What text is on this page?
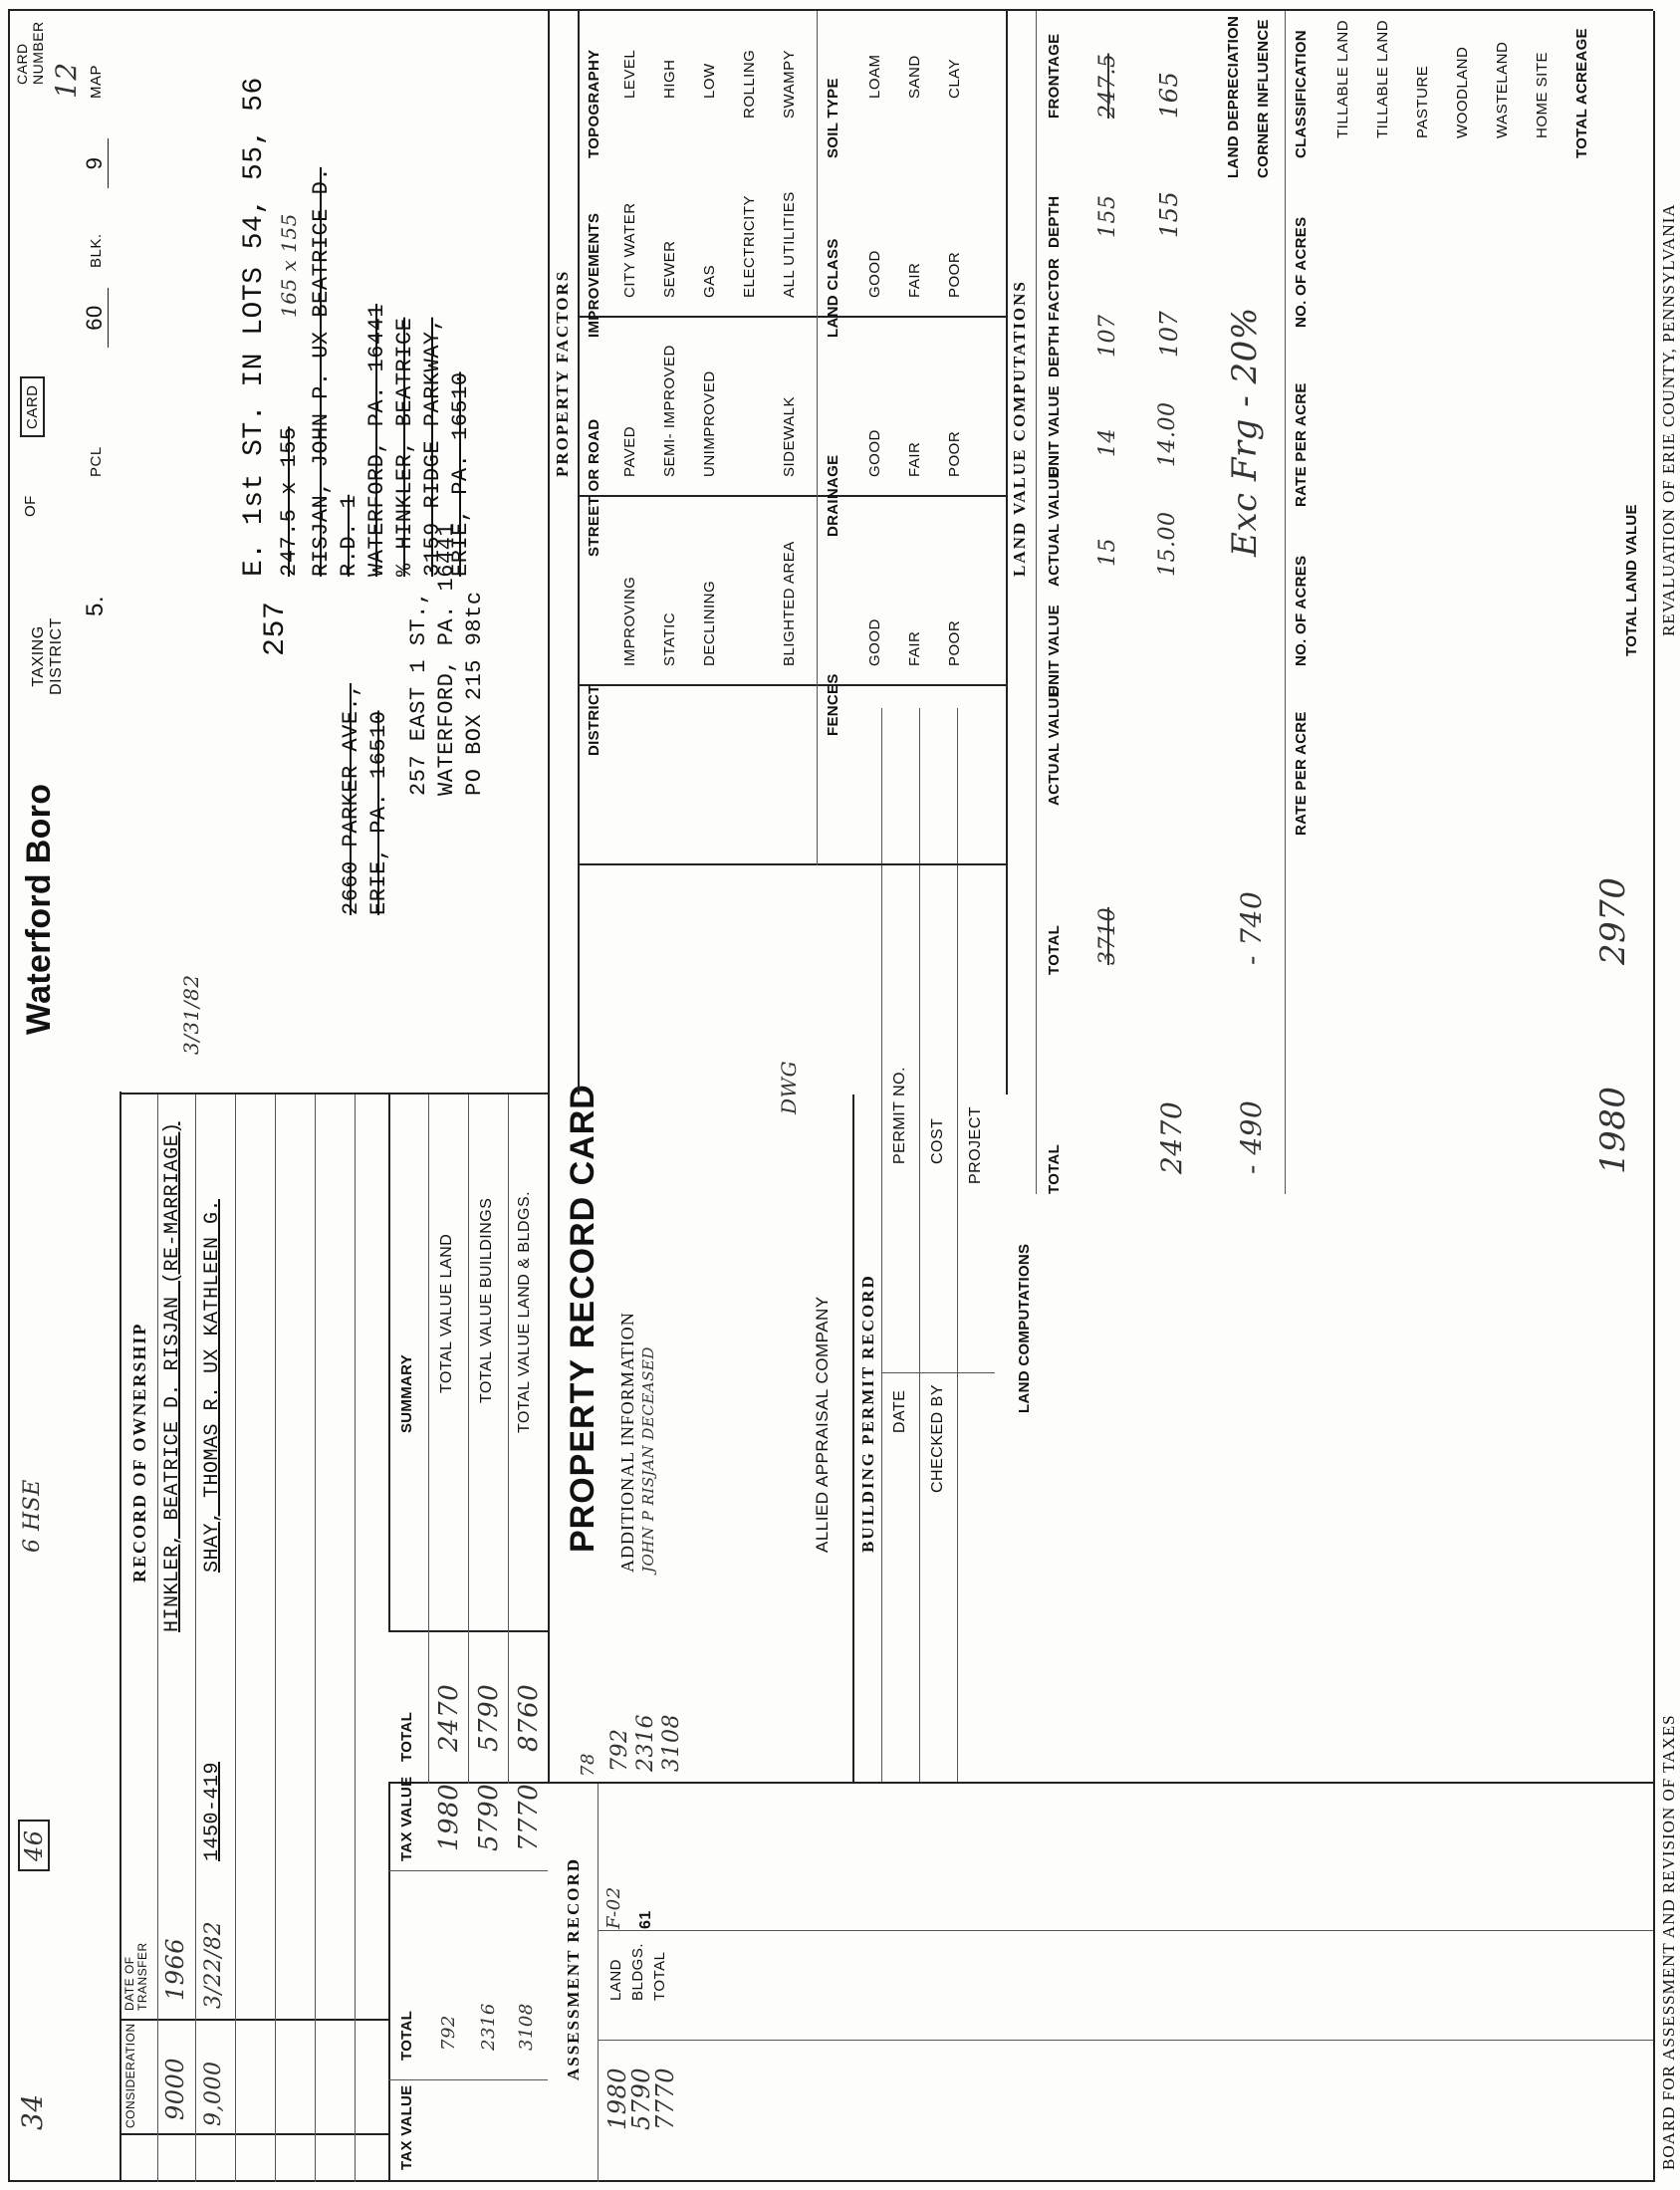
CARD NUMBER 12 MAP
9
BLK.
60
PCL
5.
CARD
OF
TAXING DISTRICT
Waterford Boro
6 HSE
46
34
257
E. 1st ST. IN LOTS 54, 55, 56 247.5 x 155
165 x 155 RISJAN, JOHN P. UX BEATRICE D. R.D. 1 WATERFORD, PA. 16441 % HINKLER, BEATRICE 3159 RIDGE PARKWAY, ERIE, PA. 16510
2660 PARKER AVE., ERIE, PA. 16510
257 EAST 1 ST., WATERFORD, PA. 16441 PO BOX 215 98tc
3/31/82
RECORD OF OWNERSHIP
DATE OF TRANSFER
CONSIDERATION
HINKLER, BEATRICE D. RISJAN (RE-MARRIAGE)
1966
9000
SHAY, THOMAS R. UX KATHLEEN G.
1450-419
3/22/82
9,000
SUMMARY
TOTAL
TAX VALUE
TOTAL VALUE LAND TOTAL VALUE BUILDINGS TOTAL VALUE LAND & BLDGS.
2470 5790 8760
1980 5790 7770
TOTAL
TAX VALUE
792 2316 3108
PROPERTY RECORD CARD ADDITIONAL INFORMATION JOHN P RISJAN DECEASED
792 2316 3108
78
DWG
ALLIED APPRAISAL COMPANY BUILDING PERMIT RECORD
PERMIT NO.
DATE
COST
CHECKED BY
PROJECT
ASSESSMENT RECORD LAND BLDGS. TOTAL
1980
5790
7770
61
F-02
PROPERTY FACTORS
TOPOGRAPHY
IMPROVEMENTS
STREET OR ROAD
DISTRICT
LEVEL HIGH LOW ROLLING SWAMPY
CITY WATER SEWER GAS ELECTRICITY ALL UTILITIES
PAVED SEMI- IMPROVED UNIMPROVED	SIDEWALK
IMPROVING STATIC DECLINING	BLIGHTED AREA
SOIL TYPE
LAND CLASS
DRAINAGE
FENCES
LOAM SAND CLAY
GOOD FAIR POOR
GOOD FAIR POOR
GOOD FAIR POOR
LAND VALUE COMPUTATIONS
FRONTAGE
DEPTH
DEPTH FACTOR
UNIT VALUE
ACTUAL VALUE
UNIT VALUE
ACTUAL VALUE
TOTAL
TOTAL
247.5
155
107
14
15
3710
165
155
107
14.00
15.00
2470
LAND DEPRECIATION CORNER INFLUENCE
Exc Frg - 20%
- 740
- 490
CLASSIFICATION
NO. OF ACRES
RATE PER ACRE
NO. OF ACRES
RATE PER ACRE
TILLABLE LAND TILLABLE LAND PASTURE WOODLAND WASTELAND HOME SITE TOTAL ACREAGE
TOTAL LAND VALUE
2970
1980
LAND COMPUTATIONS
REVALUATION OF ERIE COUNTY, PENNSYLVANIA
BOARD FOR ASSESSMENT AND REVISION OF TAXES
